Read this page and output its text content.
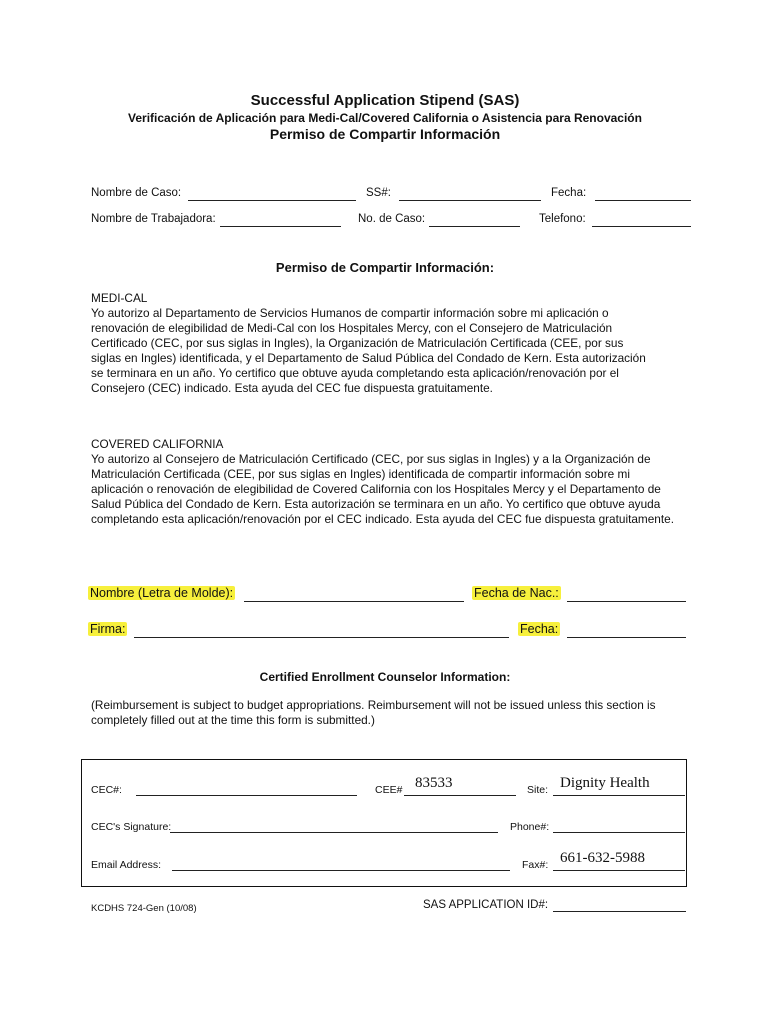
Successful Application Stipend (SAS)
Verificación de Aplicación para Medi-Cal/Covered California o Asistencia para Renovación
Permiso de Compartir Información
Nombre de Caso:	SS#:	Fecha:
Nombre de Trabajadora:	No. de Caso:	Telefono:
Permiso de Compartir Información:
MEDI-CAL
Yo autorizo al Departamento de Servicios Humanos de compartir información sobre mi aplicación o renovación de elegibilidad de Medi-Cal con los Hospitales Mercy, con el Consejero de Matriculación Certificado (CEC, por sus siglas in Ingles), la Organización de Matriculación Certificada (CEE, por sus siglas en Ingles) identificada, y el Departamento de Salud Pública del Condado de Kern. Esta autorización se terminara en un año. Yo certifico que obtuve ayuda completando esta aplicación/renovación por el Consejero (CEC) indicado. Esta ayuda del CEC fue dispuesta gratuitamente.
COVERED CALIFORNIA
Yo autorizo al Consejero de Matriculación Certificado (CEC, por sus siglas in Ingles) y a la Organización de Matriculación Certificada (CEE, por sus siglas en Ingles) identificada de compartir información sobre mi aplicación o renovación de elegibilidad de Covered California con los Hospitales Mercy y el Departamento de Salud Pública del Condado de Kern. Esta autorización se terminara en un año. Yo certifico que obtuve ayuda completando esta aplicación/renovación por el CEC indicado. Esta ayuda del CEC fue dispuesta gratuitamente.
Nombre (Letra de Molde):	Fecha de Nac.:
Firma:	Fecha:
Certified Enrollment Counselor Information:
(Reimbursement is subject to budget appropriations. Reimbursement will not be issued unless this section is completely filled out at the time this form is submitted.)
CEC#:	CEE# 83533	Site: Dignity Health
CEC's Signature:	Phone#:
Email Address:	Fax#: 661-632-5988
KCDHS 724-Gen (10/08)	SAS APPLICATION ID#:
